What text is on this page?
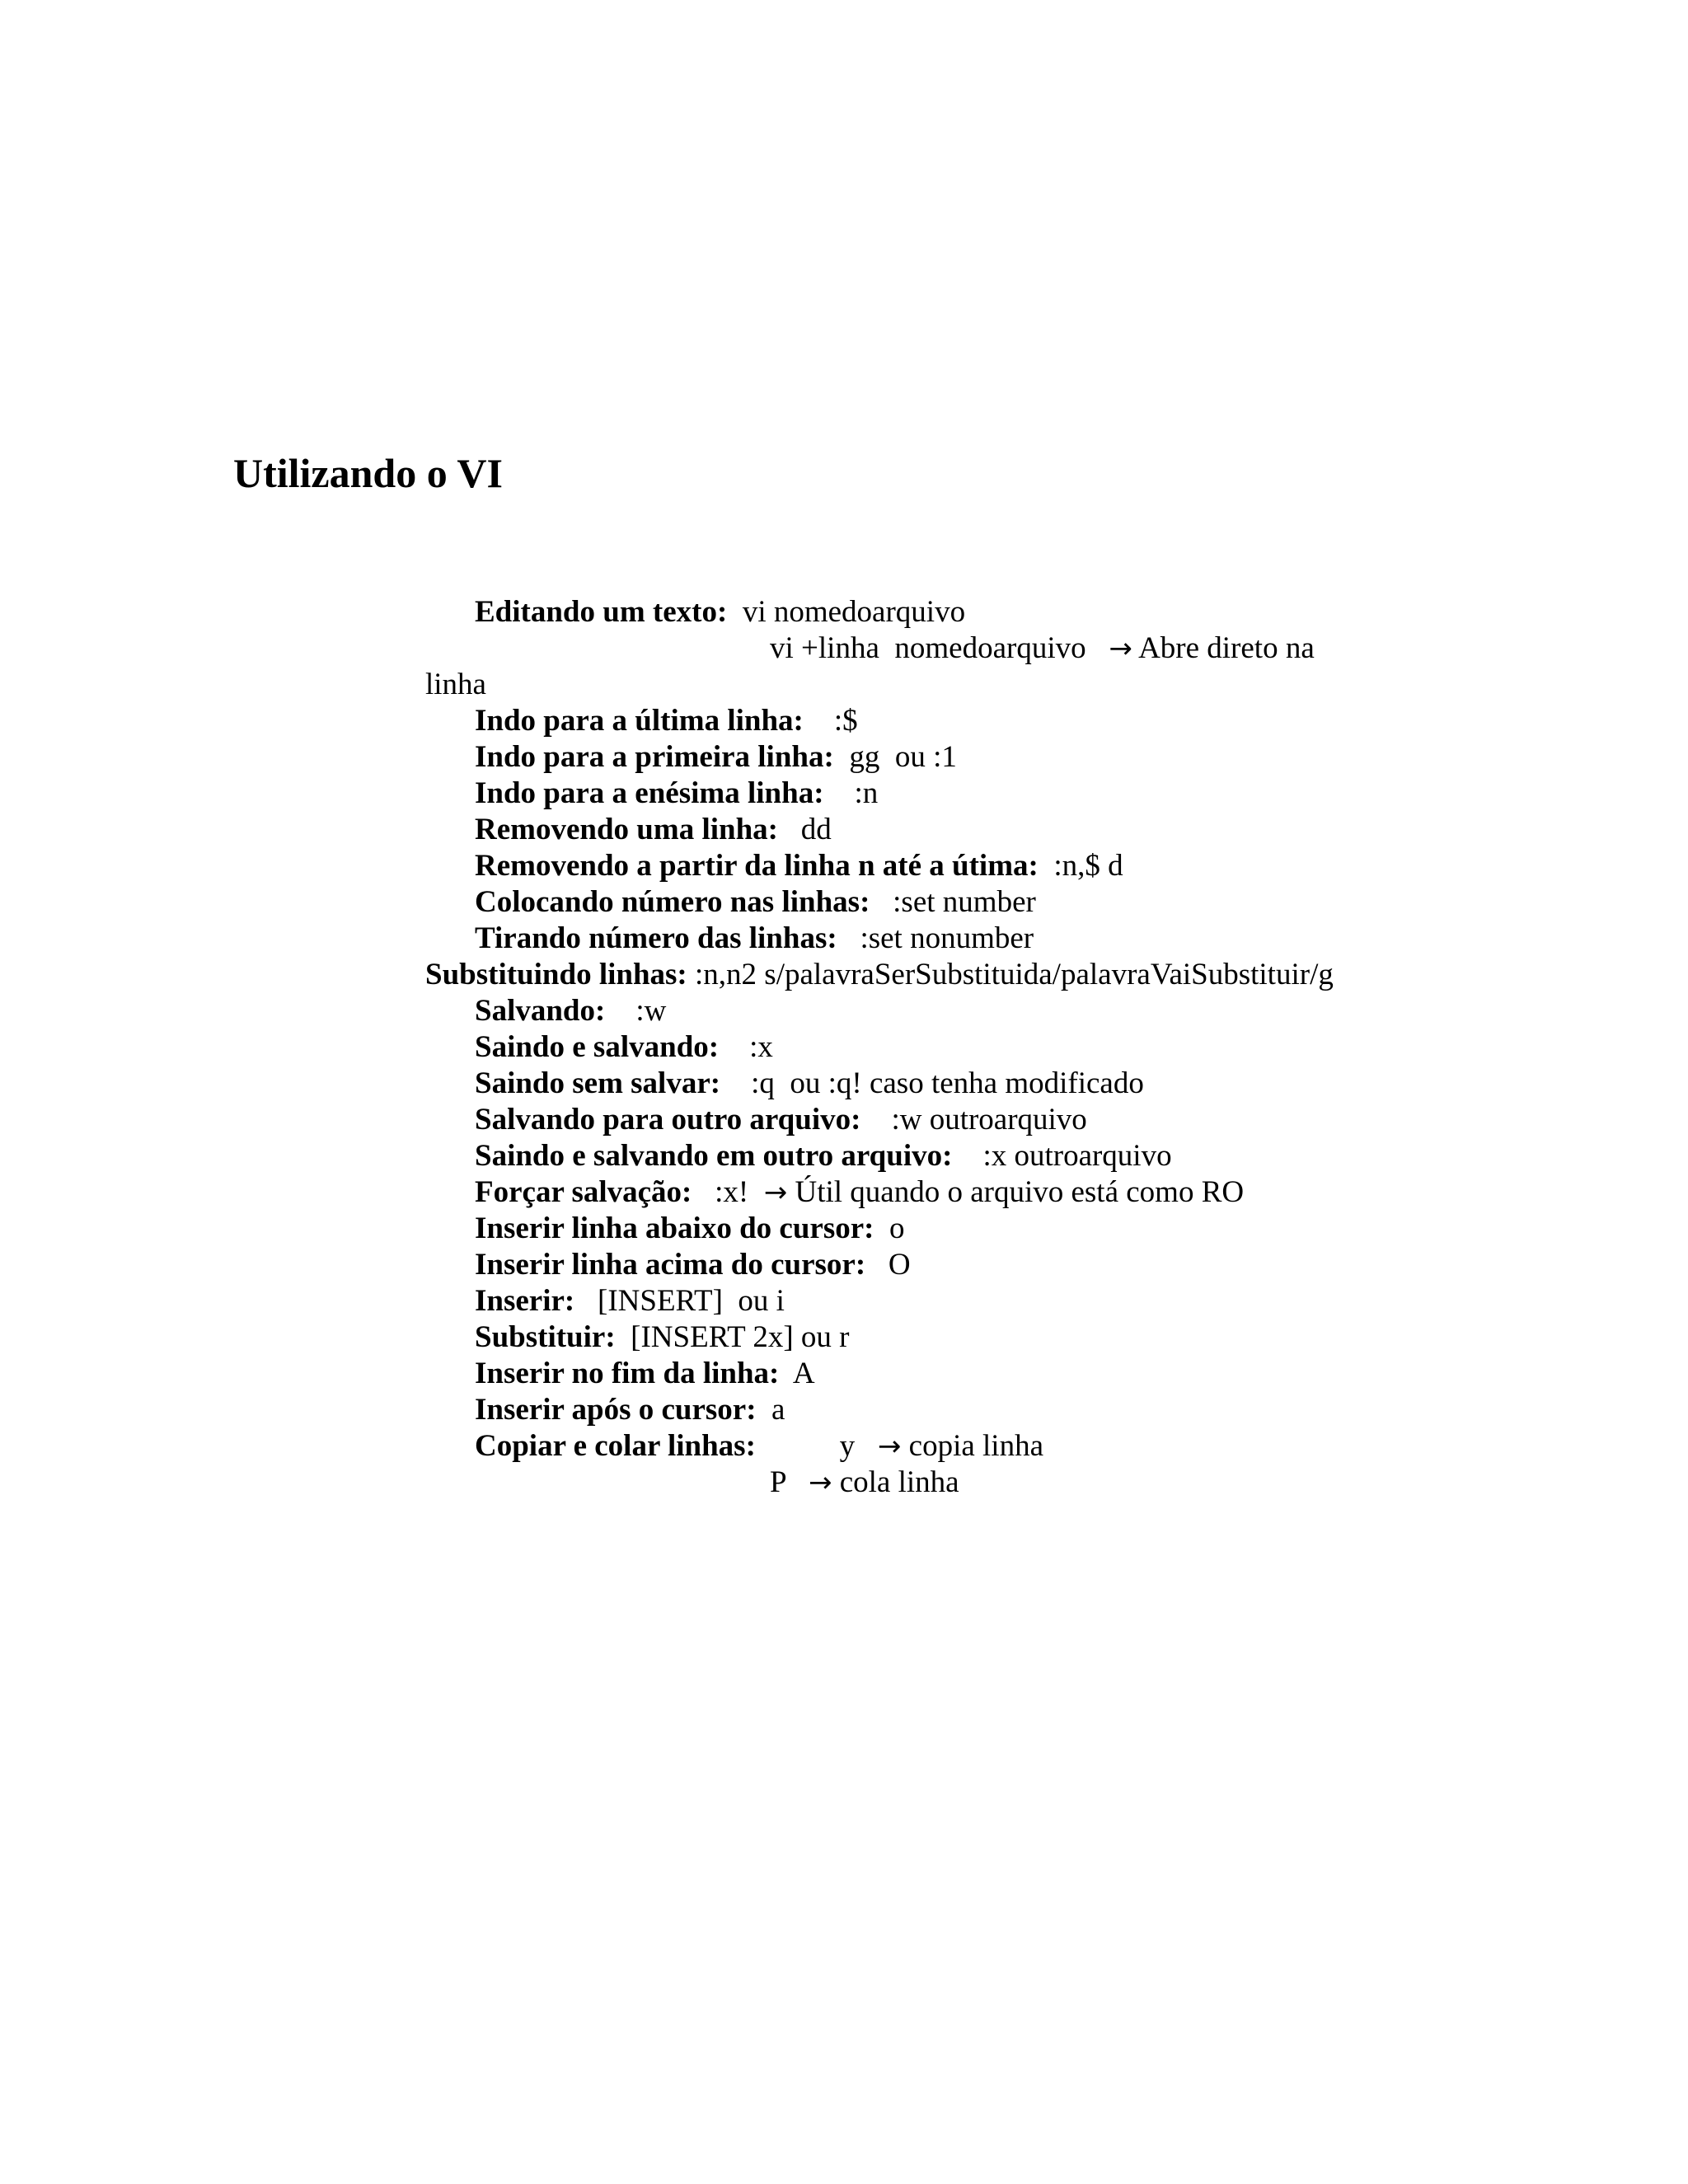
Utilizando o VI
Editando um texto:  vi nomedoarquivo
vi +linha  nomedoarquivo   → Abre direto na
linha
Indo para a última linha:    :$
Indo para a primeira linha:  gg  ou :1
Indo para a enésima linha:    :n
Removendo uma linha:   dd
Removendo a partir da linha n até a útima:  :n,$ d
Colocando número nas linhas:   :set number
Tirando número das linhas:   :set nonumber
Substituindo linhas: :n,n2 s/palavraSerSubstituida/palavraVaiSubstituir/g
Salvando:    :w
Saindo e salvando:    :x
Saindo sem salvar:    :q  ou :q! caso tenha modificado
Salvando para outro arquivo:    :w outroarquivo
Saindo e salvando em outro arquivo:    :x outroarquivo
Forçar salvação:   :x!  → Útil quando o arquivo está como RO
Inserir linha abaixo do cursor:  o
Inserir linha acima do cursor:   O
Inserir:   [INSERT]  ou i
Substituir:  [INSERT 2x] ou r
Inserir no fim da linha:  A
Inserir após o cursor:  a
Copiar e colar linhas:           y   → copia linha
P   → cola linha
